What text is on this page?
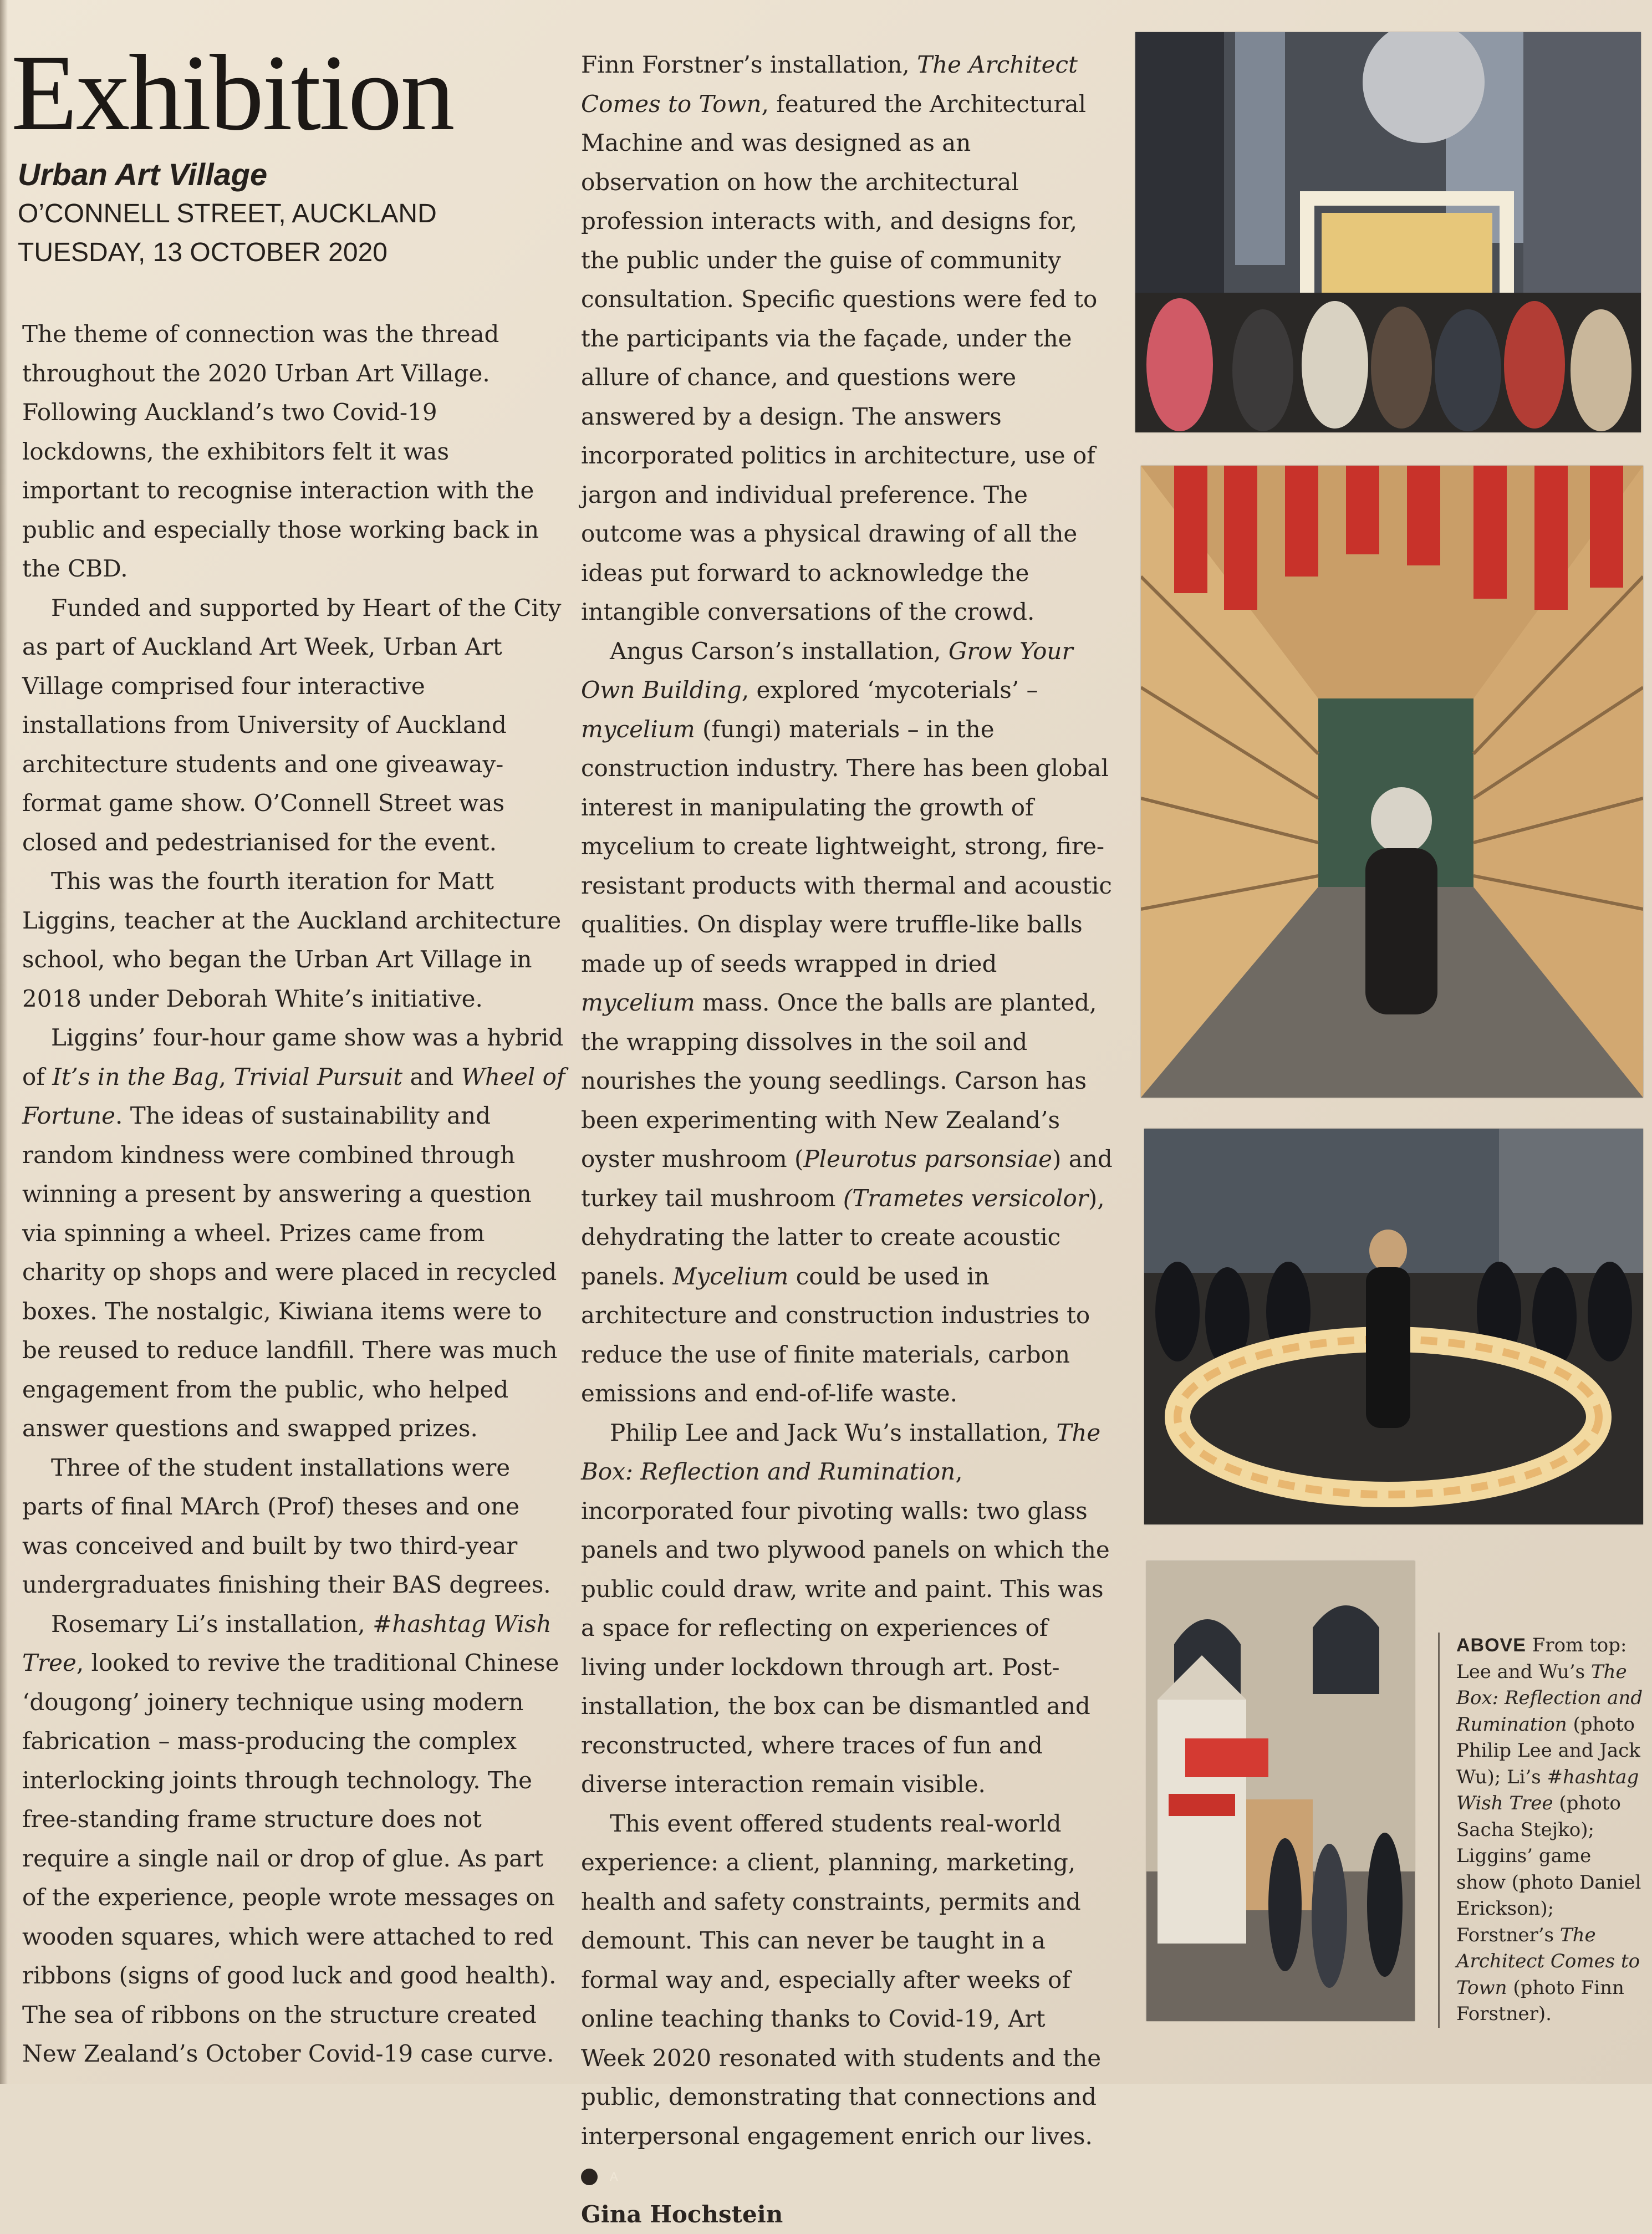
Exhibition
Urban Art Village
O’CONNELL STREET, AUCKLAND
TUESDAY, 13 OCTOBER 2020

The theme of connection was the thread throughout the 2020 Urban Art Village. Following Auckland’s two Covid-19 lockdowns, the exhibitors felt it was important to recognise interaction with the public and especially those working back in the CBD.

Funded and supported by Heart of the City as part of Auckland Art Week, Urban Art Village comprised four interactive installations from University of Auckland architecture students and one giveaway-format game show. O’Connell Street was closed and pedestrianised for the event.

This was the fourth iteration for Matt Liggins, teacher at the Auckland architecture school, who began the Urban Art Village in 2018 under Deborah White’s initiative.

Liggins’ four-hour game show was a hybrid of It’s in the Bag, Trivial Pursuit and Wheel of Fortune. The ideas of sustainability and random kindness were combined through winning a present by answering a question via spinning a wheel. Prizes came from charity op shops and were placed in recycled boxes. The nostalgic, Kiwiana items were to be reused to reduce landfill. There was much engagement from the public, who helped answer questions and swapped prizes.

Three of the student installations were parts of final MArch (Prof) theses and one was conceived and built by two third-year undergraduates finishing their BAS degrees.

Rosemary Li’s installation, #hashtag Wish Tree, looked to revive the traditional Chinese ‘dougong’ joinery technique using modern fabrication – mass-producing the complex interlocking joints through technology. The free-standing frame structure does not require a single nail or drop of glue. As part of the experience, people wrote messages on wooden squares, which were attached to red ribbons (signs of good luck and good health). The sea of ribbons on the structure created New Zealand’s October Covid-19 case curve.

Finn Forstner’s installation, The Architect Comes to Town, featured the Architectural Machine and was designed as an observation on how the architectural profession interacts with, and designs for, the public under the guise of community consultation. Specific questions were fed to the participants via the façade, under the allure of chance, and questions were answered by a design. The answers incorporated politics in architecture, use of jargon and individual preference. The outcome was a physical drawing of all the ideas put forward to acknowledge the intangible conversations of the crowd.

Angus Carson’s installation, Grow Your Own Building, explored ‘mycoterials’ – mycelium (fungi) materials – in the construction industry. There has been global interest in manipulating the growth of mycelium to create lightweight, strong, fire-resistant products with thermal and acoustic qualities. On display were truffle-like balls made up of seeds wrapped in dried mycelium mass. Once the balls are planted, the wrapping dissolves in the soil and nourishes the young seedlings. Carson has been experimenting with New Zealand’s oyster mushroom (Pleurotus parsonsiae) and turkey tail mushroom (Trametes versicolor), dehydrating the latter to create acoustic panels. Mycelium could be used in architecture and construction industries to reduce the use of finite materials, carbon emissions and end-of-life waste.

Philip Lee and Jack Wu’s installation, The Box: Reflection and Rumination, incorporated four pivoting walls: two glass panels and two plywood panels on which the public could draw, write and paint. This was a space for reflecting on experiences of living under lockdown through art. Post-installation, the box can be dismantled and reconstructed, where traces of fun and diverse interaction remain visible.

This event offered students real-world experience: a client, planning, marketing, health and safety constraints, permits and demount. This can never be taught in a formal way and, especially after weeks of online teaching thanks to Covid-19, Art Week 2020 resonated with students and the public, demonstrating that connections and interpersonal engagement enrich our lives. A

Gina Hochstein

ABOVE From top: Lee and Wu’s The Box: Reflection and Rumination (photo Philip Lee and Jack Wu); Li’s #hashtag Wish Tree (photo Sacha Stejko); Liggins’ game show (photo Daniel Erickson); Forstner’s The Architect Comes to Town (photo Finn Forstner).
